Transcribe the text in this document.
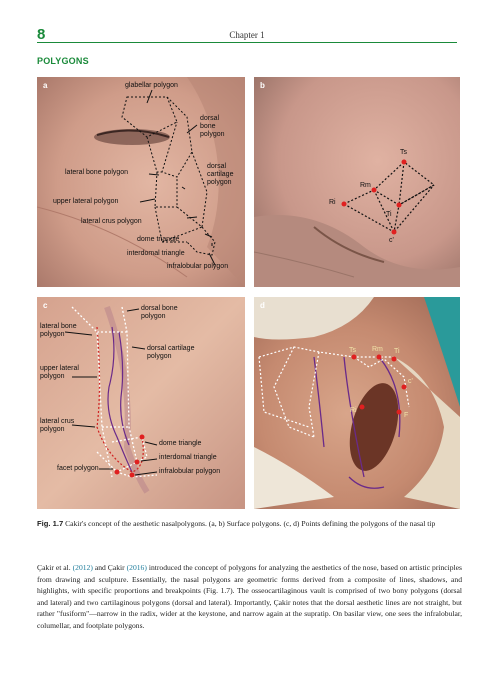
8	Chapter 1
POLYGONS
a	glabellar polygon
dorsal
bone
polygon
lateral bone polygon
dorsal
cartilage
polygon
upper lateral polygon
lateral crus polygon
dome triangle
interdomal triangle
infralobular polygon
Ts
Rm
Ri
Ti
c'
b
c	dorsal bone
polygon
lateral bone
polygon
dorsal cartilage
polygon
upper lateral
polygon
lateral crus
polygon
dome triangle
interdomal triangle
facet polygon	infralobular polygon
Ts Rm Ti
c'
Ri
F
d
Fig. 1.7 Cakir's concept of the aesthetic nasalpolygons. (a, b) Surface polygons. (c, d) Points defining the polygons of the nasal tip
Çakir et al. (2012) and Çakir (2016) introduced the concept of polygons for analyzing the aesthetics of the nose, based on artistic principles from drawing and sculpture. Essentially, the nasal polygons are geometric forms derived from a composite of lines, shadows, and highlights, with specific proportions and breakpoints (Fig. 1.7). The osseocartilaginous vault is comprised of two bony polygons (dorsal and lateral) and two cartilaginous polygons (dorsal and lateral). Importantly, Çakir notes that the dorsal aesthetic lines are not straight, but rather "fusiform"—narrow in the radix, wider at the keystone, and narrow again at the supratip. On basilar view, one sees the infralobular, columellar, and footplate polygons.
